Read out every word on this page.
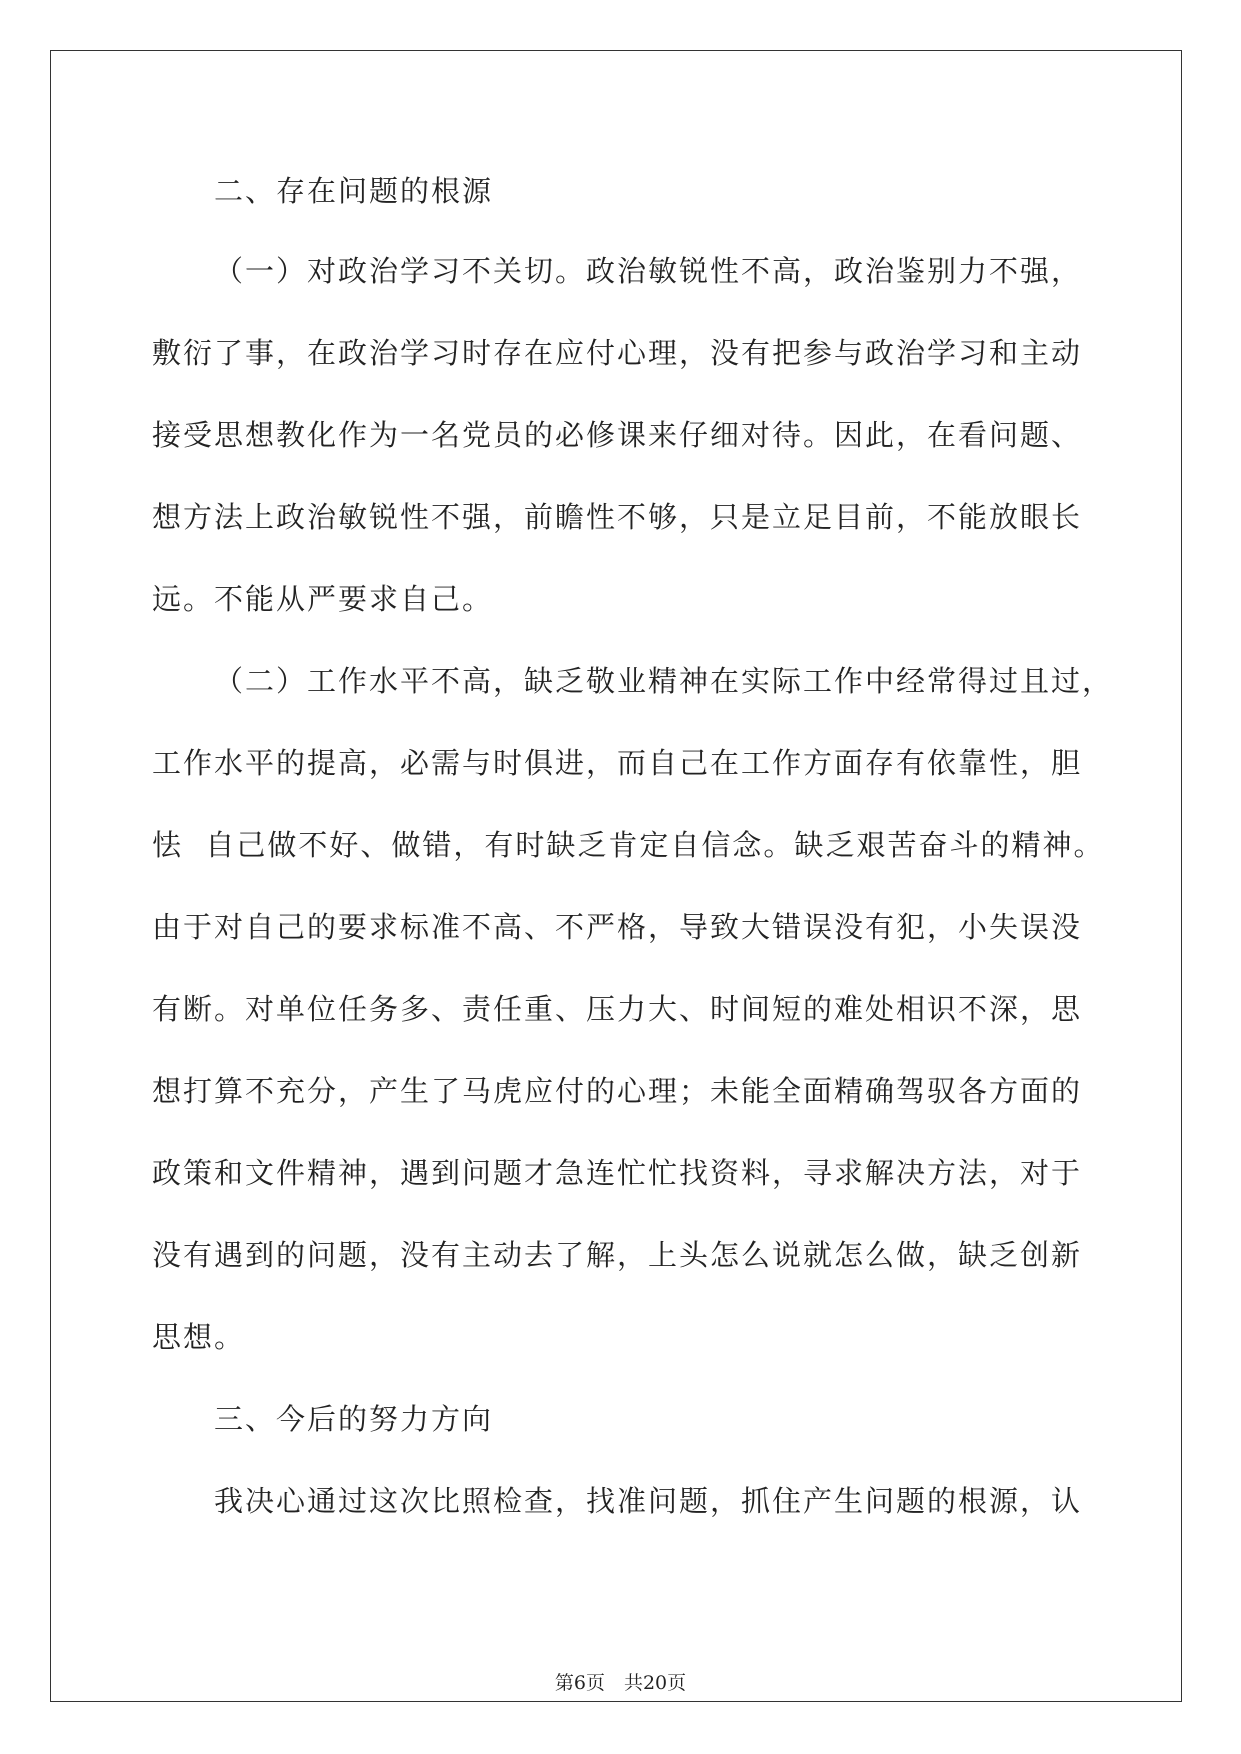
二、存在问题的根源
（一）对政治学习不关切。政治敏锐性不高，政治鉴别力不强，
敷衍了事，在政治学习时存在应付心理，没有把参与政治学习和主动
接受思想教化作为一名党员的必修课来仔细对待。因此，在看问题、
想方法上政治敏锐性不强，前瞻性不够，只是立足目前，不能放眼长
远。不能从严要求自己。
（二）工作水平不高，缺乏敬业精神在实际工作中经常得过且过，
工作水平的提高，必需与时俱进，而自己在工作方面存有依靠性，胆
怯  自己做不好、做错，有时缺乏肯定自信念。缺乏艰苦奋斗的精神。
由于对自己的要求标准不高、不严格，导致大错误没有犯，小失误没
有断。对单位任务多、责任重、压力大、时间短的难处相识不深，思
想打算不充分，产生了马虎应付的心理；未能全面精确驾驭各方面的
政策和文件精神，遇到问题才急连忙忙找资料，寻求解决方法，对于
没有遇到的问题，没有主动去了解，上头怎么说就怎么做，缺乏创新
思想。
三、今后的努力方向
我决心通过这次比照检查，找准问题，抓住产生问题的根源，认
第6页　共20页
